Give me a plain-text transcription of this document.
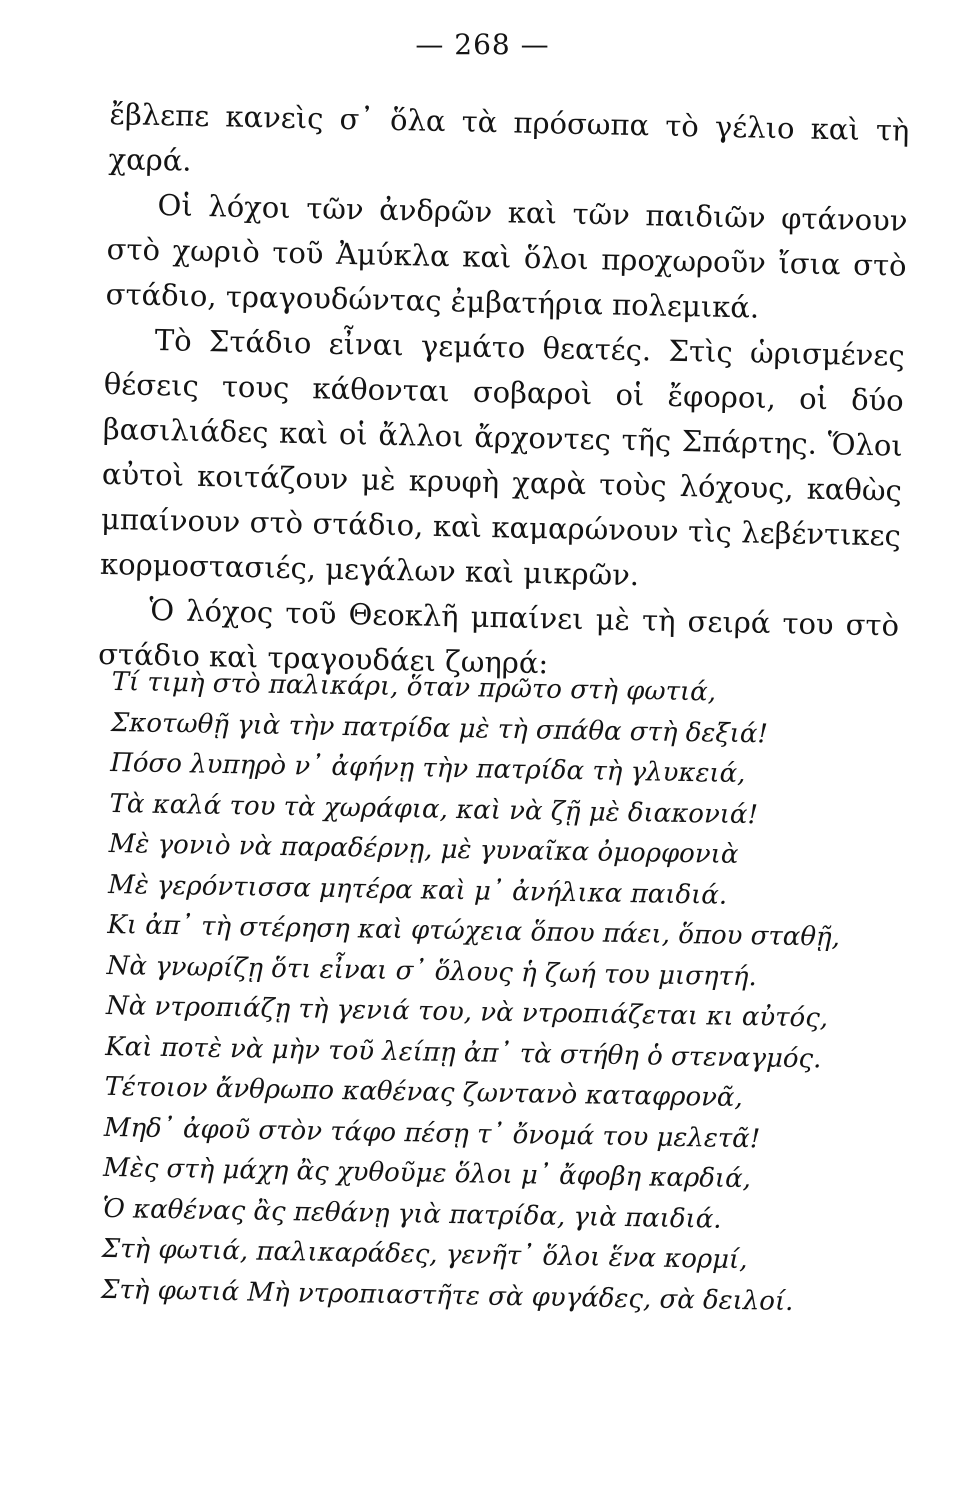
— 268 —

ἔβλεπε κανεὶς σ᾽ ὅλα τὰ πρόσωπα τὸ γέλιο καὶ τὴ χαρά.

Οἱ λόχοι τῶν ἀνδρῶν καὶ τῶν παιδιῶν φτάνουν στὸ χωριὸ τοῦ Ἀμύκλα καὶ ὅλοι προχωροῦν ἴσια στὸ στάδιο, τραγουδώντας ἐμβατήρια πολεμικά.

Τὸ Στάδιο εἶναι γεμάτο θεατές. Στὶς ὡρισμένες θέσεις τους κάθονται σοβαροὶ οἱ ἔφοροι, οἱ δύο βασιλιάδες καὶ οἱ ἄλλοι ἄρχοντες τῆς Σπάρτης. Ὅλοι αὐτοὶ κοιτάζουν μὲ κρυφὴ χαρὰ τοὺς λόχους, καθὼς μπαίνουν στὸ στάδιο, καὶ καμαρώνουν τὶς λεβέντικες κορμοστασιές, μεγάλων καὶ μικρῶν.

Ὁ λόχος τοῦ Θεοκλῆ μπαίνει μὲ τὴ σειρά του στὸ στάδιο καὶ τραγουδάει ζωηρά:

Τί τιμὴ στὸ παλικάρι, ὅταν πρῶτο στὴ φωτιά,

Σκοτωθῇ γιὰ τὴν πατρίδα μὲ τὴ σπάθα στὴ δεξιά!

Πόσο λυπηρὸ ν᾽ ἀφήνῃ τὴν πατρίδα τὴ γλυκειά,

Τὰ καλά του τὰ χωράφια, καὶ νὰ ζῇ μὲ διακονιά!

Μὲ γονιὸ νὰ παραδέρνῃ, μὲ γυναῖκα ὀμορφονιὰ

Μὲ γερόντισσα μητέρα καὶ μ᾽ ἀνήλικα παιδιά.

Κι ἀπ᾽ τὴ στέρηση καὶ φτώχεια ὅπου πάει, ὅπου σταθῇ,

Νὰ γνωρίζῃ ὅτι εἶναι σ᾽ ὅλους ἡ ζωή του μισητή.

Νὰ ντροπιάζῃ τὴ γενιά του, νὰ ντροπιάζεται κι αὐτός,

Καὶ ποτὲ νὰ μὴν τοῦ λείπῃ ἀπ᾽ τὰ στήθη ὁ στεναγμός.

Τέτοιον ἄνθρωπο καθένας ζωντανὸ καταφρονᾶ,

Μηδ᾽ ἀφοῦ στὸν τάφο πέσῃ τ᾽ ὄνομά του μελετᾶ!

Μὲς στὴ μάχη ἂς χυθοῦμε ὅλοι μ᾽ ἄφοβη καρδιά,

Ὁ καθένας ἂς πεθάνῃ γιὰ πατρίδα, γιὰ παιδιά.

Στὴ φωτιά, παλικαράδες, γενῆτ᾽ ὅλοι ἕνα κορμί,

Στὴ φωτιά Μὴ ντροπιαστῆτε σὰ φυγάδες, σὰ δειλοί.
